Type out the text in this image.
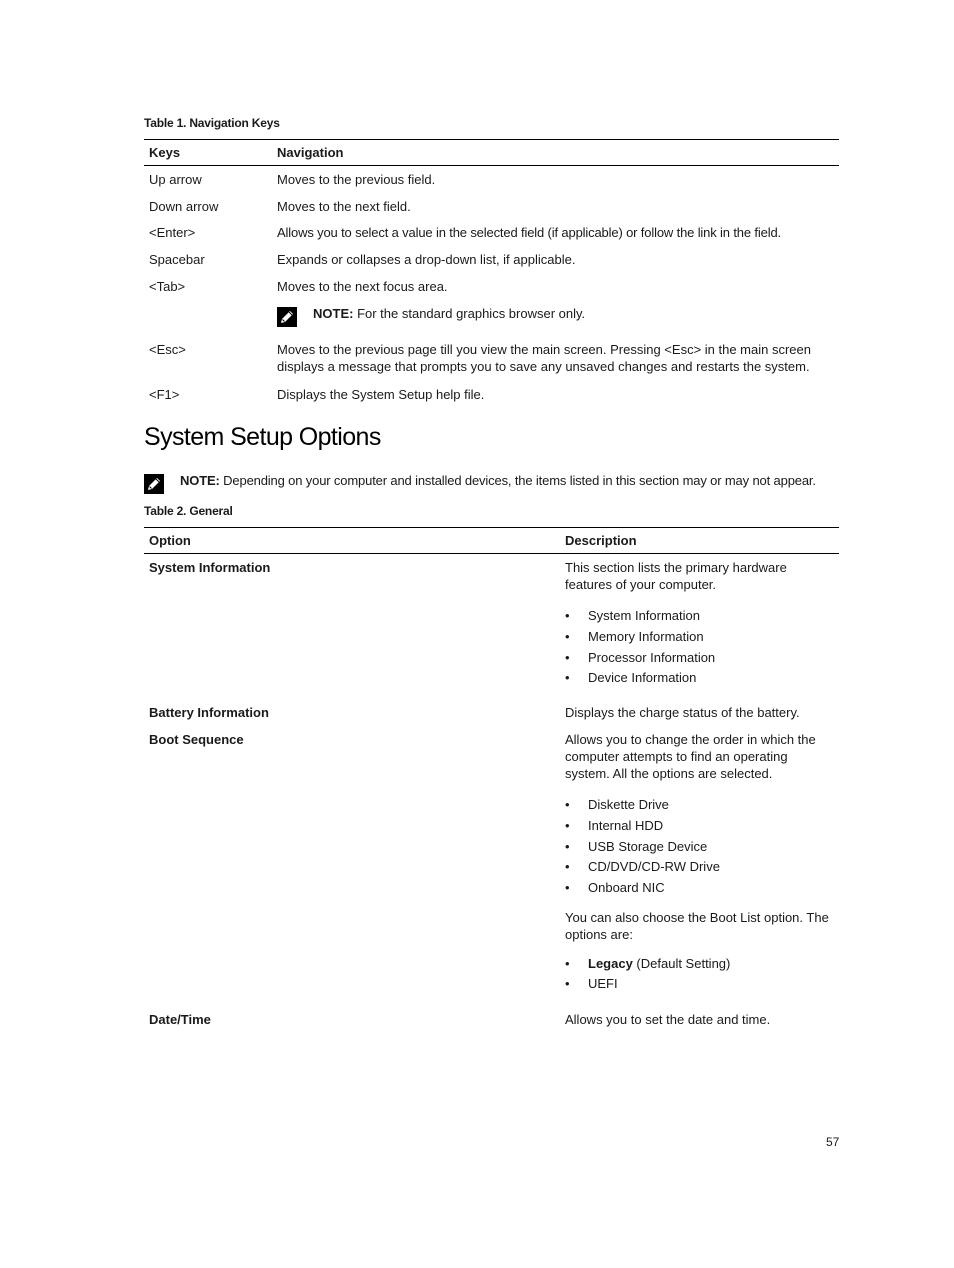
Table 1. Navigation Keys
Keys	Navigation
Up arrow	Moves to the previous field.
Down arrow	Moves to the next field.
<Enter>	Allows you to select a value in the selected field (if applicable) or follow the link in the field.
Spacebar	Expands or collapses a drop-down list, if applicable.
<Tab>	Moves to the next focus area.
NOTE: For the standard graphics browser only.
<Esc>	Moves to the previous page till you view the main screen. Pressing <Esc> in the main screen displays a message that prompts you to save any unsaved changes and restarts the system.
<F1>	Displays the System Setup help file.
System Setup Options
NOTE: Depending on your computer and installed devices, the items listed in this section may or may not appear.
Table 2. General
Option	Description
System Information	This section lists the primary hardware features of your computer.
• System Information
• Memory Information
• Processor Information
• Device Information
Battery Information	Displays the charge status of the battery.
Boot Sequence	Allows you to change the order in which the computer attempts to find an operating system. All the options are selected.
• Diskette Drive
• Internal HDD
• USB Storage Device
• CD/DVD/CD-RW Drive
• Onboard NIC
You can also choose the Boot List option. The options are:
• Legacy (Default Setting)
• UEFI
Date/Time	Allows you to set the date and time.
57
